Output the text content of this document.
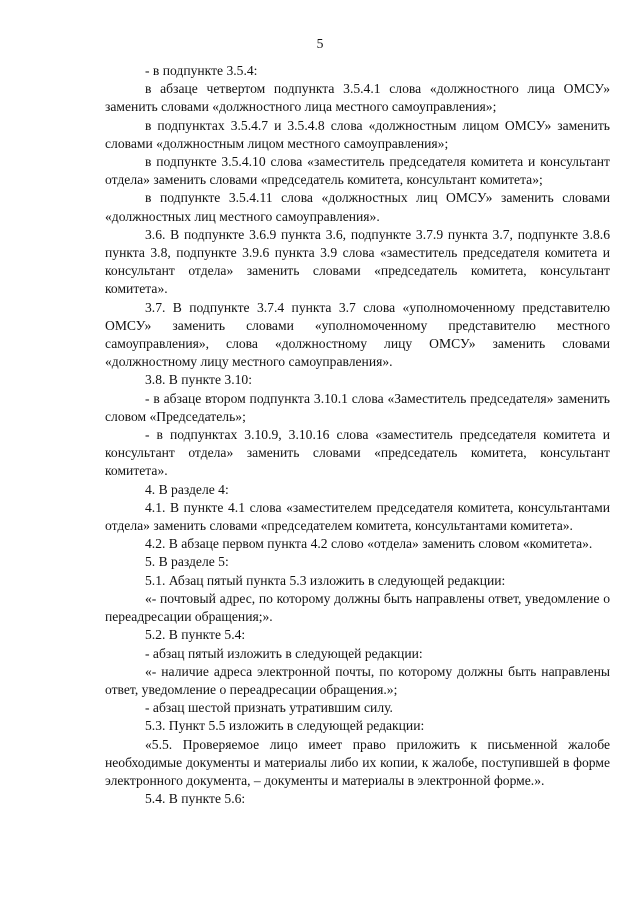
5

- в подпункте 3.5.4:

в абзаце четвертом подпункта 3.5.4.1 слова «должностного лица ОМСУ» заменить словами «должностного лица местного самоуправления»;

в подпунктах 3.5.4.7 и 3.5.4.8 слова «должностным лицом ОМСУ» заменить словами «должностным лицом местного самоуправления»;

в подпункте 3.5.4.10 слова «заместитель председателя комитета и консультант отдела» заменить словами «председатель комитета, консультант комитета»;

в подпункте 3.5.4.11 слова «должностных лиц ОМСУ» заменить словами «должностных лиц местного самоуправления».

3.6. В подпункте 3.6.9 пункта 3.6, подпункте 3.7.9 пункта 3.7, подпункте 3.8.6 пункта 3.8, подпункте 3.9.6 пункта 3.9 слова «заместитель председателя комитета и консультант отдела» заменить словами «председатель комитета, консультант комитета».

3.7. В подпункте 3.7.4 пункта 3.7 слова «уполномоченному представителю ОМСУ» заменить словами «уполномоченному представителю местного самоуправления», слова «должностному лицу ОМСУ» заменить словами «должностному лицу местного самоуправления».

3.8. В пункте 3.10:

- в абзаце втором подпункта 3.10.1 слова «Заместитель председателя» заменить словом «Председатель»;

- в подпунктах 3.10.9, 3.10.16 слова «заместитель председателя комитета и консультант отдела» заменить словами «председатель комитета, консультант комитета».

4. В разделе 4:

4.1. В пункте 4.1 слова «заместителем председателя комитета, консультантами отдела» заменить словами «председателем комитета, консультантами комитета».

4.2. В абзаце первом пункта 4.2 слово «отдела» заменить словом «комитета».

5. В разделе 5:

5.1. Абзац пятый пункта 5.3 изложить в следующей редакции:

«- почтовый адрес, по которому должны быть направлены ответ, уведомление о переадресации обращения;».

5.2. В пункте 5.4:

- абзац пятый изложить в следующей редакции:

«- наличие адреса электронной почты, по которому должны быть направлены ответ, уведомление о переадресации обращения.»;

- абзац шестой признать утратившим силу.

5.3. Пункт 5.5 изложить в следующей редакции:

«5.5. Проверяемое лицо имеет право приложить к письменной жалобе необходимые документы и материалы либо их копии, к жалобе, поступившей в форме электронного документа, – документы и материалы в электронной форме.».

5.4. В пункте 5.6:
